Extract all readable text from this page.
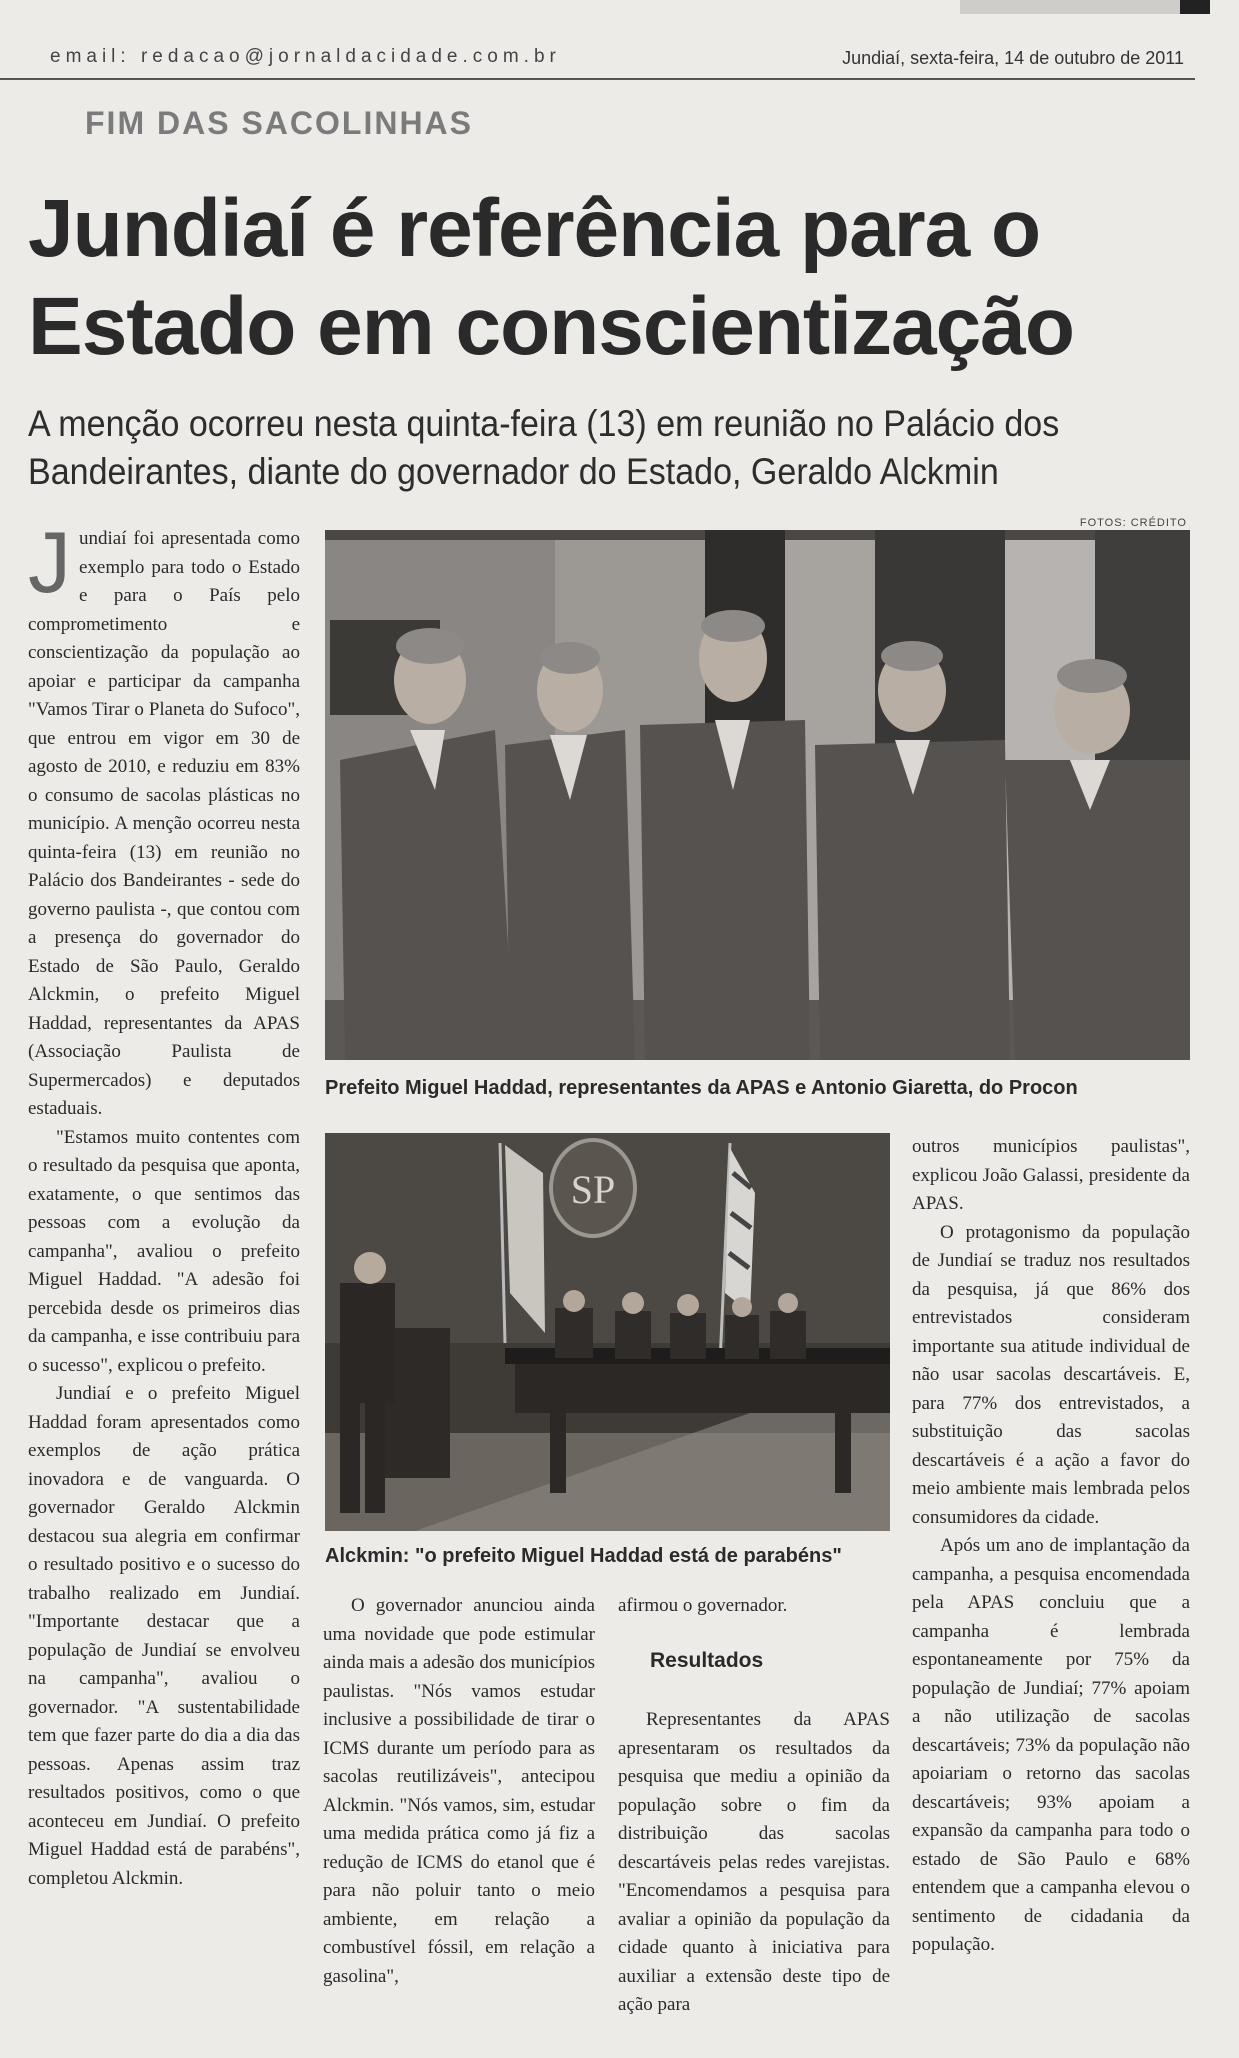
email: redacao@jornaldacidade.com.br	Jundiaí, sexta-feira, 14 de outubro de 2011
FIM DAS SACOLINHAS
Jundiaí é referência para o
Estado em conscientização
A menção ocorreu nesta quinta-feira (13) em reunião no Palácio dos
Bandeirantes, diante do governador do Estado, Geraldo Alckmin
FOTOS: CRÉDITO
Prefeito Miguel Haddad, representantes da APAS e Antonio Giaretta, do Procon
SP
Alckmin: "o prefeito Miguel Haddad está de parabéns"

Jundiaí foi apresentada como exemplo para todo o Estado e para o País pelo comprometimento e conscientização da população ao apoiar e participar da campanha "Vamos Tirar o Planeta do Sufoco", que entrou em vigor em 30 de agosto de 2010, e reduziu em 83% o consumo de sacolas plásticas no município. A menção ocorreu nesta quinta-feira (13) em reunião no Palácio dos Bandeirantes - sede do governo paulista -, que contou com a presença do governador do Estado de São Paulo, Geraldo Alckmin, o prefeito Miguel Haddad, representantes da APAS (Associação Paulista de Supermercados) e deputados estaduais.

"Estamos muito contentes com o resultado da pesquisa que aponta, exatamente, o que sentimos das pessoas com a evolução da campanha", avaliou o prefeito Miguel Haddad. "A adesão foi percebida desde os primeiros dias da campanha, e isse contribuiu para o sucesso", explicou o prefeito.

Jundiaí e o prefeito Miguel Haddad foram apresentados como exemplos de ação prática inovadora e de vanguarda. O governador Geraldo Alckmin destacou sua alegria em confirmar o resultado positivo e o sucesso do trabalho realizado em Jundiaí. "Importante destacar que a população de Jundiaí se envolveu na campanha", avaliou o governador. "A sustentabilidade tem que fazer parte do dia a dia das pessoas. Apenas assim traz resultados positivos, como o que aconteceu em Jundiaí. O prefeito Miguel Haddad está de parabéns", completou Alckmin.

O governador anunciou ainda uma novidade que pode estimular ainda mais a adesão dos municípios paulistas. "Nós vamos estudar inclusive a possibilidade de tirar o ICMS durante um período para as sacolas reutilizáveis", antecipou Alckmin. "Nós vamos, sim, estudar uma medida prática como já fiz a redução de ICMS do etanol que é para não poluir tanto o meio ambiente, em relação a combustível fóssil, em relação a gasolina",

afirmou o governador.

Resultados

Representantes da APAS apresentaram os resultados da pesquisa que mediu a opinião da população sobre o fim da distribuição das sacolas descartáveis pelas redes varejistas. "Encomendamos a pesquisa para avaliar a opinião da população da cidade quanto à iniciativa para auxiliar a extensão deste tipo de ação para

outros municípios paulistas", explicou João Galassi, presidente da APAS.

O protagonismo da população de Jundiaí se traduz nos resultados da pesquisa, já que 86% dos entrevistados consideram importante sua atitude individual de não usar sacolas descartáveis. E, para 77% dos entrevistados, a substituição das sacolas descartáveis é a ação a favor do meio ambiente mais lembrada pelos consumidores da cidade.

Após um ano de implantação da campanha, a pesquisa encomendada pela APAS concluiu que a campanha é lembrada espontaneamente por 75% da população de Jundiaí; 77% apoiam a não utilização de sacolas descartáveis; 73% da população não apoiariam o retorno das sacolas descartáveis; 93% apoiam a expansão da campanha para todo o estado de São Paulo e 68% entendem que a campanha elevou o sentimento de cidadania da população.
